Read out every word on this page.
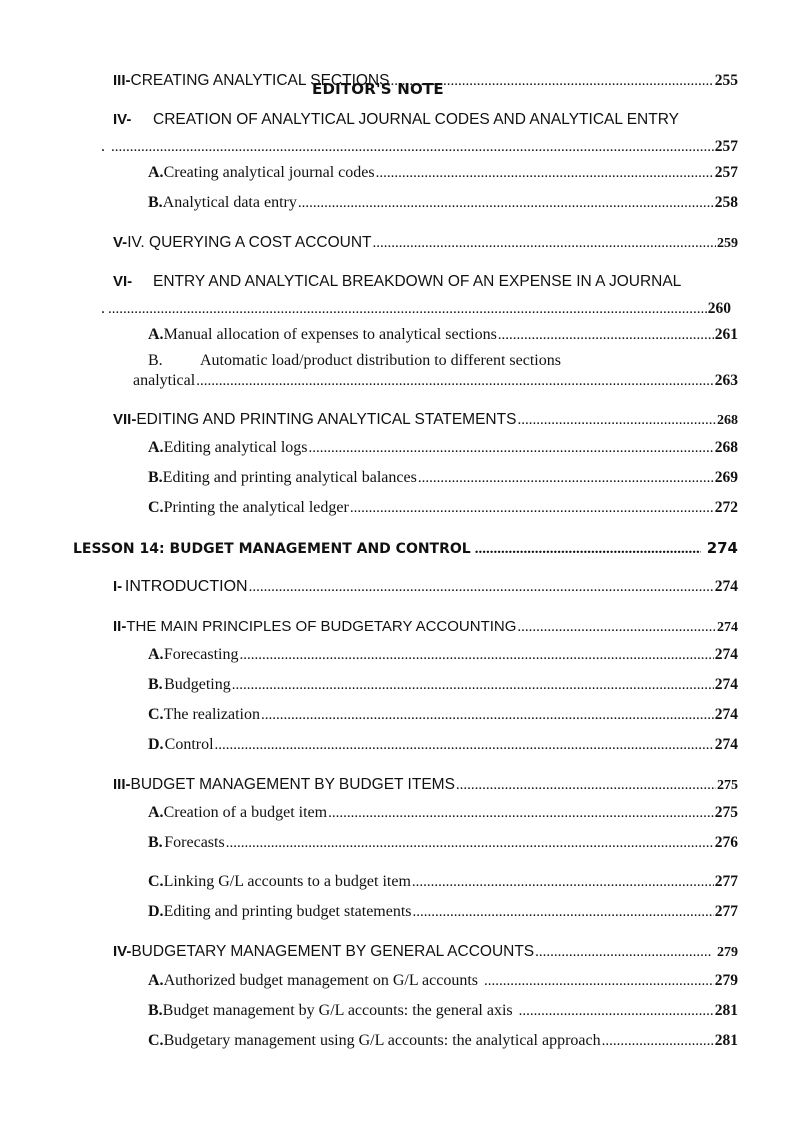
III- CREATING ANALYTICAL SECTIONS .....	255
EDITOR'S NOTE
IV-	CREATION OF ANALYTICAL JOURNAL CODES AND ANALYTICAL ENTRY
. .....	257
A. Creating analytical journal codes .....	257
B. Analytical data entry .....	258
V- IV. QUERYING A COST ACCOUNT .....	259
VI-	ENTRY AND ANALYTICAL BREAKDOWN OF AN EXPENSE IN A JOURNAL
. .....	260
A. Manual allocation of expenses to analytical sections .....	261
B.	Automatic load/product distribution to different sections
analytical .....	263
VII- EDITING AND PRINTING ANALYTICAL STATEMENTS .....	268
A. Editing analytical logs .....	268
B. Editing and printing analytical balances .....	269
C. Printing the analytical ledger .....	272
LESSON 14: BUDGET MANAGEMENT AND CONTROL .....	274
I- INTRODUCTION .....	274
II- THE MAIN PRINCIPLES OF BUDGETARY ACCOUNTING .....	274
A. Forecasting .....	274
B. Budgeting .....	274
C. The realization .....	274
D. Control .....	274
III- BUDGET MANAGEMENT BY BUDGET ITEMS .....	275
A. Creation of a budget item .....	275
B. Forecasts .....	276
C. Linking G/L accounts to a budget item .....	277
D. Editing and printing budget statements .....	277
IV- BUDGETARY MANAGEMENT BY GENERAL ACCOUNTS .....	279
A. Authorized budget management on G/L accounts .....	279
B. Budget management by G/L accounts: the general axis .....	281
C. Budgetary management using G/L accounts: the analytical approach .....	281
